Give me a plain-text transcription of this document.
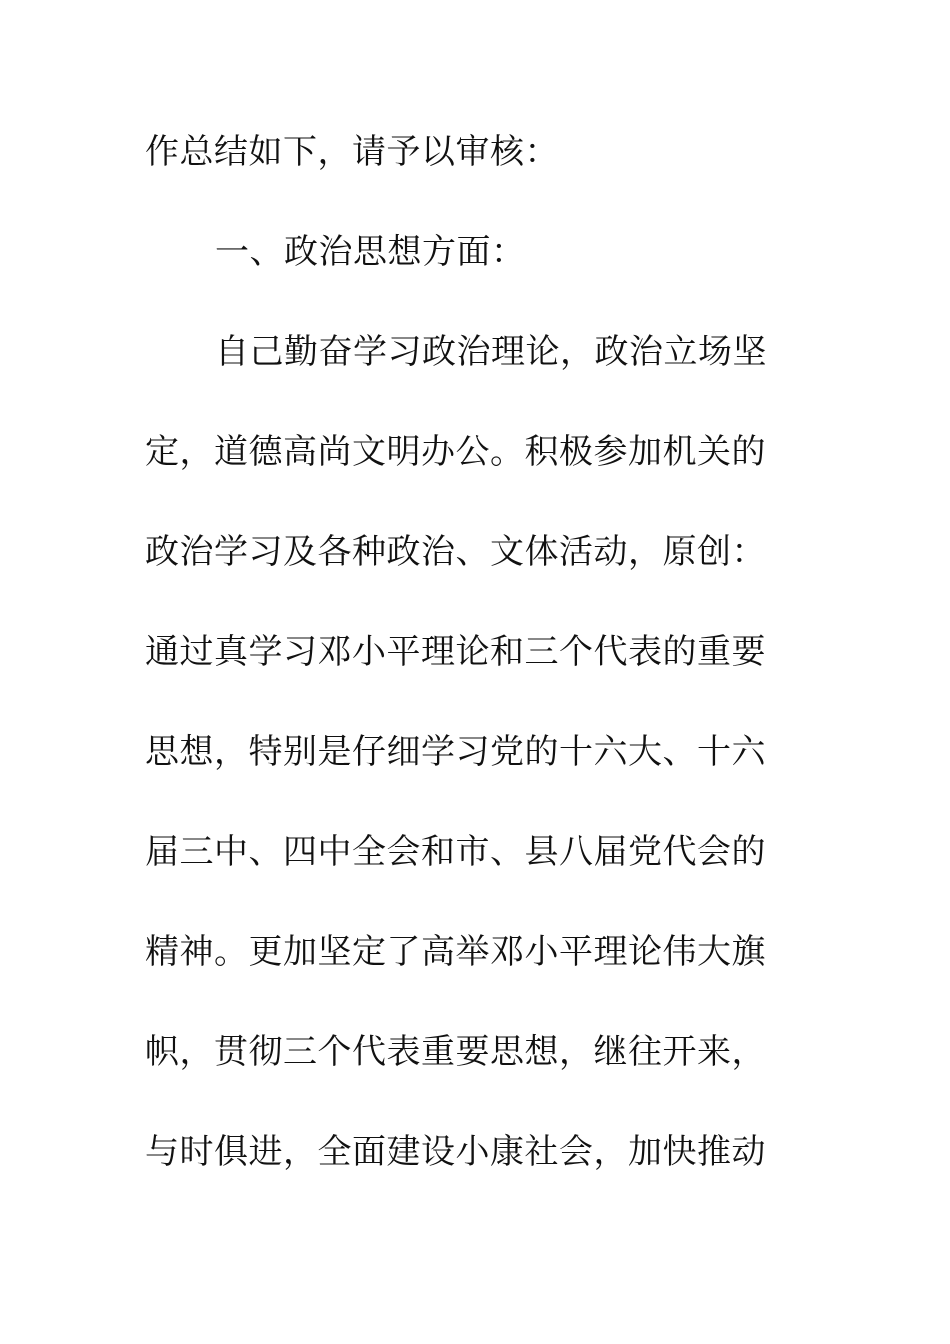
作总结如下，请予以审核：
一、政治思想方面：
自己勤奋学习政治理论，政治立场坚
定，道德高尚文明办公。积极参加机关的
政治学习及各种政治、文体活动，原创：
通过真学习邓小平理论和三个代表的重要
思想，特别是仔细学习党的十六大、十六
届三中、四中全会和市、县八届党代会的
精神。更加坚定了高举邓小平理论伟大旗
帜，贯彻三个代表重要思想，继往开来，
与时俱进，全面建设小康社会，加快推动
